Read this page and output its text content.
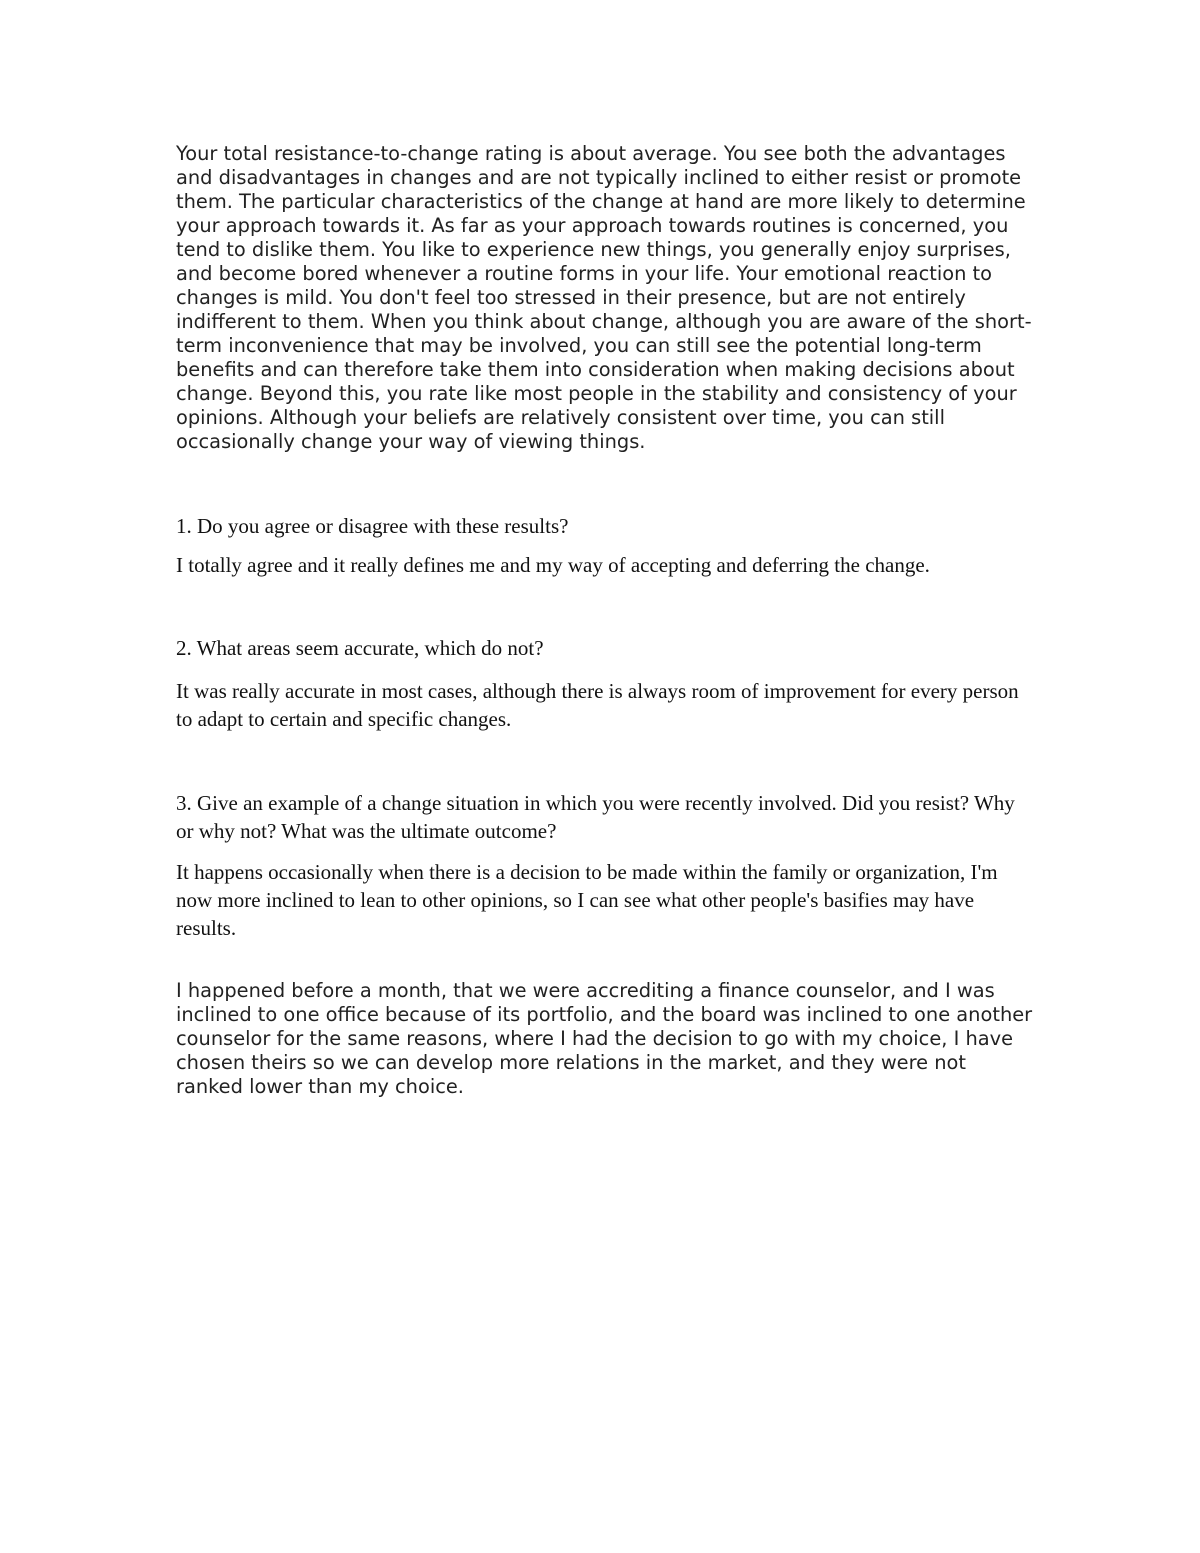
Your total resistance-to-change rating is about average. You see both the advantages and disadvantages in changes and are not typically inclined to either resist or promote them. The particular characteristics of the change at hand are more likely to determine your approach towards it. As far as your approach towards routines is concerned, you tend to dislike them. You like to experience new things, you generally enjoy surprises, and become bored whenever a routine forms in your life. Your emotional reaction to changes is mild. You don't feel too stressed in their presence, but are not entirely indifferent to them. When you think about change, although you are aware of the short-term inconvenience that may be involved, you can still see the potential long-term benefits and can therefore take them into consideration when making decisions about change. Beyond this, you rate like most people in the stability and consistency of your opinions. Although your beliefs are relatively consistent over time, you can still occasionally change your way of viewing things.

1. Do you agree or disagree with these results?

I totally agree and it really defines me and my way of accepting and deferring the change.

2. What areas seem accurate, which do not?

It was really accurate in most cases, although there is always room of improvement for every person to adapt to certain and specific changes.

3. Give an example of a change situation in which you were recently involved. Did you resist? Why or why not? What was the ultimate outcome?

It happens occasionally when there is a decision to be made within the family or organization, I'm now more inclined to lean to other opinions, so I can see what other people's basifies may have results.

I happened before a month, that we were accrediting a finance counselor, and I was inclined to one office because of its portfolio, and the board was inclined to one another counselor for the same reasons, where I had the decision to go with my choice, I have chosen theirs so we can develop more relations in the market, and they were not ranked lower than my choice.
